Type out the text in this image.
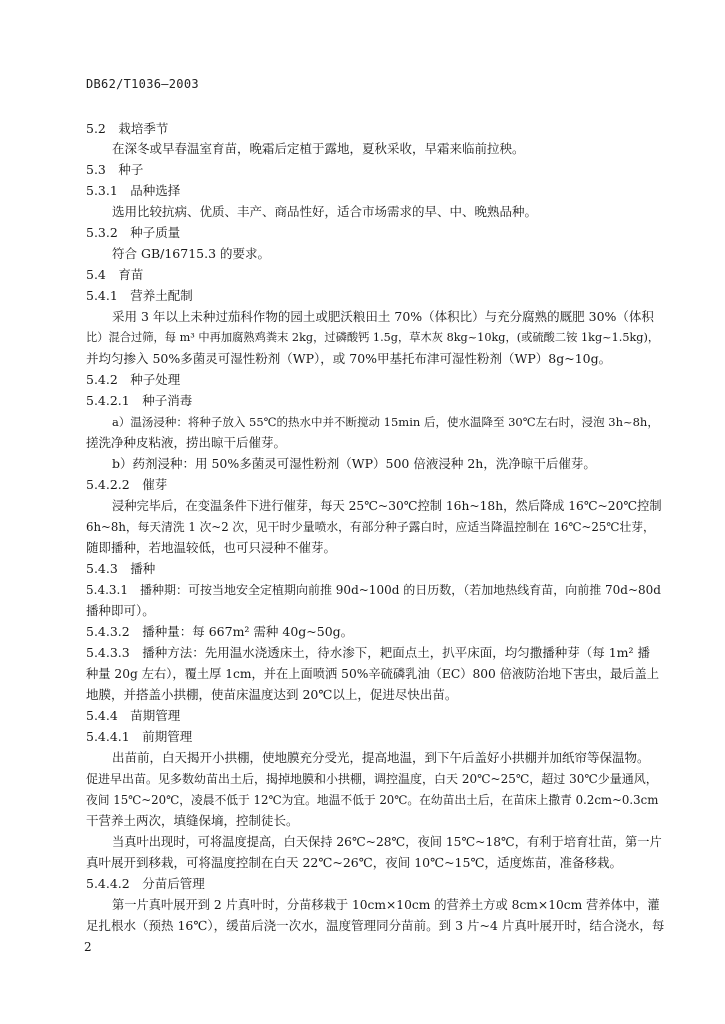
DB62/T1036—2003
5.2　栽培季节
在深冬或早春温室育苗，晚霜后定植于露地，夏秋采收，早霜来临前拉秧。
5.3　种子
5.3.1　品种选择
选用比较抗病、优质、丰产、商品性好，适合市场需求的早、中、晚熟品种。
5.3.2　种子质量
符合 GB/16715.3 的要求。
5.4　育苗
5.4.1　营养土配制
采用 3 年以上未种过茄科作物的园土或肥沃粮田土 70%（体积比）与充分腐熟的厩肥 30%（体积
比）混合过筛，每 m³ 中再加腐熟鸡粪末 2kg，过磷酸钙 1.5g，草木灰 8kg~10kg，(或硫酸二铵 1kg~1.5kg)，
并均匀掺入 50%多菌灵可湿性粉剂（WP），或 70%甲基托布津可湿性粉剂（WP）8g~10g。
5.4.2　种子处理
5.4.2.1　种子消毒
a）温汤浸种：将种子放入 55℃的热水中并不断搅动 15min 后，使水温降至 30℃左右时，浸泡 3h~8h，
搓洗净种皮粘液，捞出晾干后催芽。
b）药剂浸种：用 50%多菌灵可湿性粉剂（WP）500 倍液浸种 2h，洗净晾干后催芽。
5.4.2.2　催芽
浸种完毕后，在变温条件下进行催芽，每天 25℃~30℃控制 16h~18h，然后降成 16℃~20℃控制
6h~8h，每天清洗 1 次~2 次，见干时少量喷水，有部分种子露白时，应适当降温控制在 16℃~25℃壮芽，
随即播种，若地温较低，也可只浸种不催芽。
5.4.3　播种
5.4.3.1　播种期：可按当地安全定植期向前推 90d~100d 的日历数，（若加地热线育苗，向前推 70d~80d
播种即可）。
5.4.3.2　播种量：每 667m² 需种 40g~50g。
5.4.3.3　播种方法：先用温水浇透床土，待水渗下，耙面点土，扒平床面，均匀撒播种芽（每 1m² 播
种量 20g 左右），覆土厚 1cm，并在上面喷洒 50%辛硫磷乳油（EC）800 倍液防治地下害虫，最后盖上
地膜，并搭盖小拱棚，使苗床温度达到 20℃以上，促进尽快出苗。
5.4.4　苗期管理
5.4.4.1　前期管理
出苗前，白天揭开小拱棚，使地膜充分受光，提高地温，到下午后盖好小拱棚并加纸帘等保温物。
促进早出苗。见多数幼苗出土后，揭掉地膜和小拱棚，调控温度，白天 20℃~25℃，超过 30℃少量通风，
夜间 15℃~20℃，凌晨不低于 12℃为宜。地温不低于 20℃。在幼苗出土后，在苗床上撒青 0.2cm~0.3cm
干营养土两次，填缝保墒，控制徒长。
当真叶出现时，可将温度提高，白天保持 26℃~28℃，夜间 15℃~18℃，有利于培育壮苗，第一片
真叶展开到移栽，可将温度控制在白天 22℃~26℃，夜间 10℃~15℃，适度炼苗，准备移栽。
5.4.4.2　分苗后管理
第一片真叶展开到 2 片真叶时，分苗移栽于 10cm×10cm 的营养土方或 8cm×10cm 营养体中，灌
足扎根水（预热 16℃），缓苗后浇一次水，温度管理同分苗前。到 3 片~4 片真叶展开时，结合浇水，每
2
